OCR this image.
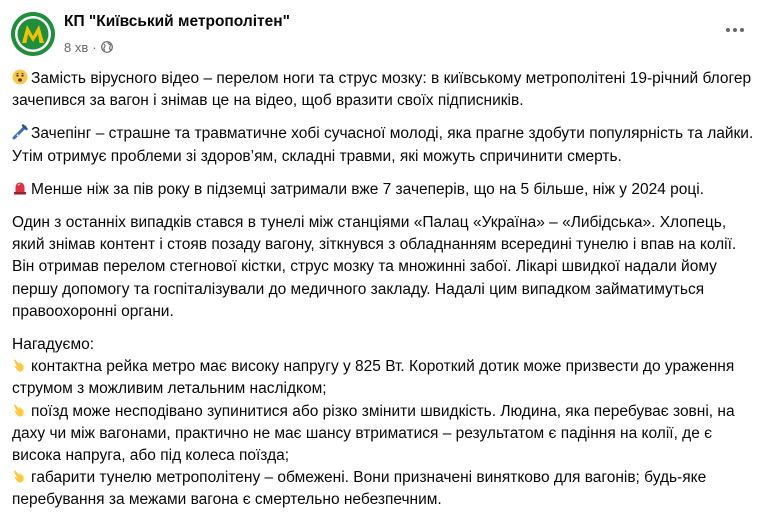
КП "Київський метрополітен"
8 хв ·

Замість вірусного відео – перелом ноги та струс мозку: в київському метрополітені 19-річний блогер зачепився за вагон і знімав це на відео, щоб вразити своїх підписників.

Зачепінг – страшне та травматичне хобі сучасної молоді, яка прагне здобути популярність та лайки. Утім отримує проблеми зі здоров’ям, складні травми, які можуть спричинити смерть.

Менше ніж за пів року в підземці затримали вже 7 зачеперів, що на 5 більше, ніж у 2024 році.

Один з останніх випадків стався в тунелі між станціями «Палац «Україна» – «Либідська». Хлопець, який знімав контент і стояв позаду вагону, зіткнувся з обладнанням всередині тунелю і впав на колії. Він отримав перелом стегнової кістки, струс мозку та множинні забої. Лікарі швидкої надали йому першу допомогу та госпіталізували до медичного закладу. Надалі цим випадком займатимуться правоохоронні органи.

Нагадуємо:

контактна рейка метро має високу напругу у 825 Вт. Короткий дотик може призвести до ураження струмом з можливим летальним наслідком;

поїзд може несподівано зупинитися або різко змінити швидкість. Людина, яка перебуває зовні, на даху чи між вагонами, практично не має шансу втриматися – результатом є падіння на колії, де є висока напруга, або під колеса поїзда;

габарити тунелю метрополітену – обмежені. Вони призначені винятково для вагонів; будь-яке перебування за межами вагона є смертельно небезпечним.
